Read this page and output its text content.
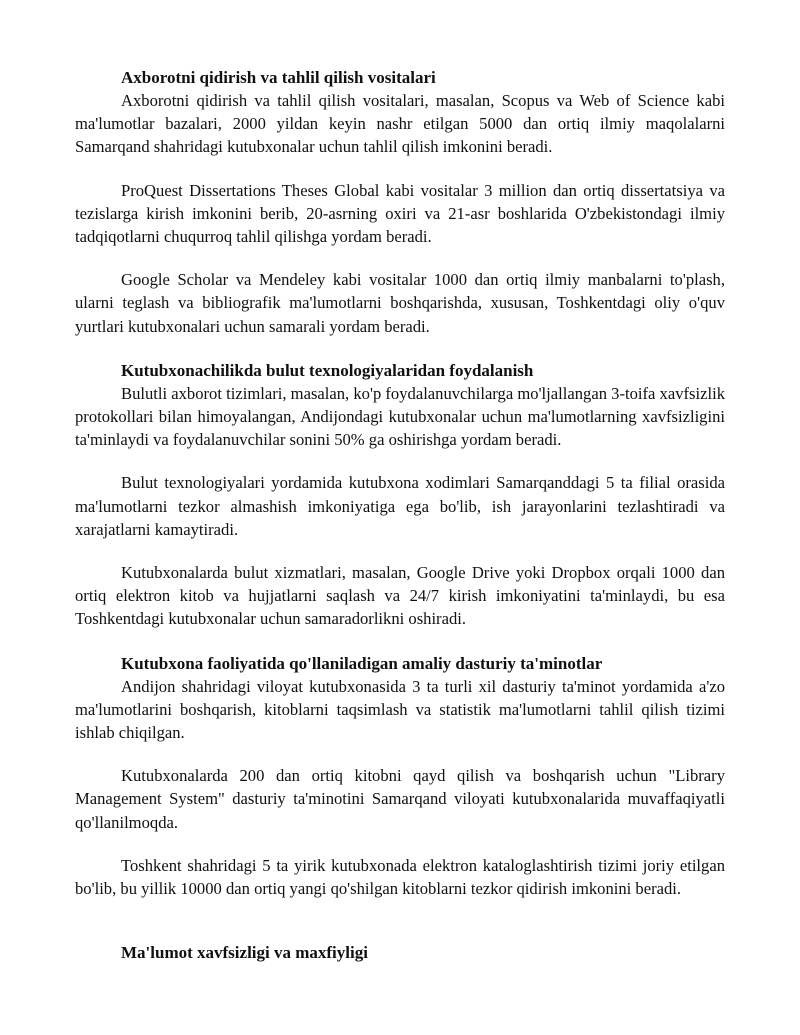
Axborotni qidirish va tahlil qilish vositalari

Axborotni qidirish va tahlil qilish vositalari, masalan, Scopus va Web of Science kabi ma'lumotlar bazalari, 2000 yildan keyin nashr etilgan 5000 dan ortiq ilmiy maqolalarni Samarqand shahridagi kutubxonalar uchun tahlil qilish imkonini beradi.

ProQuest Dissertations Theses Global kabi vositalar 3 million dan ortiq dissertatsiya va tezislarga kirish imkonini berib, 20-asrning oxiri va 21-asr boshlarida O'zbekistondagi ilmiy tadqiqotlarni chuqurroq tahlil qilishga yordam beradi.

Google Scholar va Mendeley kabi vositalar 1000 dan ortiq ilmiy manbalarni to'plash, ularni teglash va bibliografik ma'lumotlarni boshqarishda, xususan, Toshkentdagi oliy o'quv yurtlari kutubxonalari uchun samarali yordam beradi.

Kutubxonachilikda bulut texnologiyalaridan foydalanish

Bulutli axborot tizimlari, masalan, ko'p foydalanuvchilarga mo'ljallangan 3-toifa xavfsizlik protokollari bilan himoyalangan, Andijondagi kutubxonalar uchun ma'lumotlarning xavfsizligini ta'minlaydi va foydalanuvchilar sonini 50% ga oshirishga yordam beradi.

Bulut texnologiyalari yordamida kutubxona xodimlari Samarqanddagi 5 ta filial orasida ma'lumotlarni tezkor almashish imkoniyatiga ega bo'lib, ish jarayonlarini tezlashtiradi va xarajatlarni kamaytiradi.

Kutubxonalarda bulut xizmatlari, masalan, Google Drive yoki Dropbox orqali 1000 dan ortiq elektron kitob va hujjatlarni saqlash va 24/7 kirish imkoniyatini ta'minlaydi, bu esa Toshkentdagi kutubxonalar uchun samaradorlikni oshiradi.

Kutubxona faoliyatida qo'llaniladigan amaliy dasturiy ta'minotlar

Andijon shahridagi viloyat kutubxonasida 3 ta turli xil dasturiy ta'minot yordamida a'zo ma'lumotlarini boshqarish, kitoblarni taqsimlash va statistik ma'lumotlarni tahlil qilish tizimi ishlab chiqilgan.

Kutubxonalarda 200 dan ortiq kitobni qayd qilish va boshqarish uchun "Library Management System" dasturiy ta'minotini Samarqand viloyati kutubxonalarida muvaffaqiyatli qo'llanilmoqda.

Toshkent shahridagi 5 ta yirik kutubxonada elektron kataloglashtirish tizimi joriy etilgan bo'lib, bu yillik 10000 dan ortiq yangi qo'shilgan kitoblarni tezkor qidirish imkonini beradi.

Ma'lumot xavfsizligi va maxfiyligi
